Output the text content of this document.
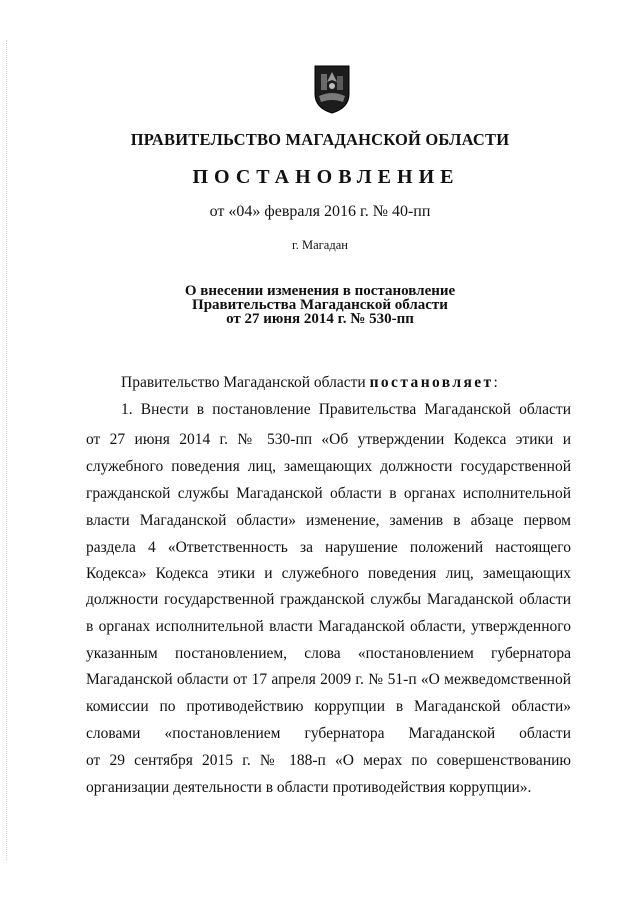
ПРАВИТЕЛЬСТВО МАГАДАНСКОЙ ОБЛАСТИ
ПОСТАНОВЛЕНИЕ
от «04» февраля 2016 г. № 40-пп
г. Магадан
О внесении изменения в постановление
Правительства Магаданской области
от 27 июня 2014 г. № 530-пп
Правительство Магаданской области постановляет:
1. Внести в постановление Правительства Магаданской области
от 27 июня 2014 г. № 530-пп «Об утверждении Кодекса этики и
служебного поведения лиц, замещающих должности государственной
гражданской службы Магаданской области в органах исполнительной
власти Магаданской области» изменение, заменив в абзаце первом
раздела 4 «Ответственность за нарушение положений настоящего
Кодекса» Кодекса этики и служебного поведения лиц, замещающих
должности государственной гражданской службы Магаданской области
в органах исполнительной власти Магаданской области, утвержденного
указанным постановлением, слова «постановлением губернатора
Магаданской области от 17 апреля 2009 г. № 51-п «О межведомственной
комиссии по противодействию коррупции в Магаданской области»
словами «постановлением губернатора Магаданской области
от 29 сентября 2015 г. № 188-п «О мерах по совершенствованию
организации деятельности в области противодействия коррупции».
